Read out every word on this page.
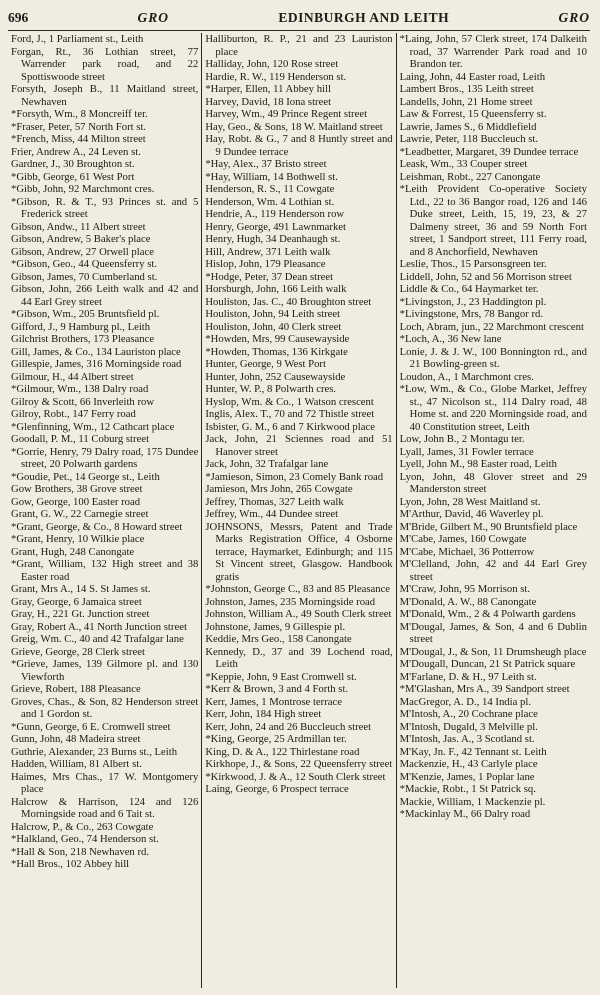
696	GRO	EDINBURGH AND LEITH	GRO
Ford, J., 1 Parliament st., Leith
Forgan, Rt., 36 Lothian street, 77 Warrender park road, and 22 Spottiswoode street
Forsyth, Joseph B., 11 Maitland street, Newhaven
*Forsyth, Wm., 8 Moncreiff ter.
*Fraser, Peter, 57 North Fort st.
*French, Miss, 44 Milton street
Frier, Andrew A., 24 Leven st.
Gardner, J., 30 Broughton st.
*Gibb, George, 61 West Port
*Gibb, John, 92 Marchmont cres.
*Gibson, R. & T., 93 Princes st. and 5 Frederick street
Gibson, Andw., 11 Albert street
Gibson, Andrew, 5 Baker's place
Gibson, Andrew, 27 Orwell place
*Gibson, Geo., 44 Queensferry st.
Gibson, James, 70 Cumberland st.
Gibson, John, 266 Leith walk and 42 and 44 Earl Grey street
*Gibson, Wm., 205 Bruntsfield pl.
Gifford, J., 9 Hamburg pl., Leith
Gilchrist Brothers, 173 Pleasance
Gill, James, & Co., 134 Lauriston place
Gillespie, James, 316 Morningside road
Gilmour, H., 44 Albert street
*Gilmour, Wm., 138 Dalry road
Gilroy & Scott, 66 Inverleith row
Gilroy, Robt., 147 Ferry road
*Glenfinning, Wm., 12 Cathcart place
Goodall, P. M., 11 Coburg street
*Gorrie, Henry, 79 Dalry road, 175 Dundee street, 20 Polwarth gardens
*Goudie, Pet., 14 George st., Leith
Gow Brothers, 38 Grove street
Gow, George, 100 Easter road
Grant, G. W., 22 Carnegie street
*Grant, George, & Co., 8 Howard street
*Grant, Henry, 10 Wilkie place
Grant, Hugh, 248 Canongate
*Grant, William, 132 High street and 38 Easter road
Grant, Mrs A., 14 S. St James st.
Gray, George, 6 Jamaica street
Gray, H., 221 Gt. Junction street
Gray, Robert A., 41 North Junction street
Greig, Wm. C., 40 and 42 Trafalgar lane
Grieve, George, 28 Clerk street
*Grieve, James, 139 Gilmore pl. and 130 Viewforth
Grieve, Robert, 188 Pleasance
Groves, Chas., & Son, 82 Henderson street and 1 Gordon st.
*Gunn, George, 6 E. Cromwell street
Gunn, John, 48 Madeira street
Guthrie, Alexander, 23 Burns st., Leith
Hadden, William, 81 Albert st.
Haimes, Mrs Chas., 17 W. Montgomery place
Halcrow & Harrison, 124 and 126 Morningside road and 6 Tait st.
Halcrow, P., & Co., 263 Cowgate
*Halkland, Geo., 74 Henderson st.
*Hall & Son, 218 Newhaven rd.
*Hall Bros., 102 Abbey hill
Halliburton, R. P., 21 and 23 Lauriston place
Halliday, John, 120 Rose street
Hardie, R. W., 119 Henderson st.
*Harper, Ellen, 11 Abbey hill
Harvey, David, 18 Iona street
Harvey, Wm., 49 Prince Regent street
Hay, Geo., & Sons, 18 W. Maitland street
Hay, Robt. & G., 7 and 8 Huntly street and 9 Dundee terrace
*Hay, Alex., 37 Bristo street
*Hay, William, 14 Bothwell st.
Henderson, R. S., 11 Cowgate
Henderson, Wm. 4 Lothian st.
Hendrie, A., 119 Henderson row
Henry, George, 491 Lawnmarket
Henry, Hugh, 34 Deanhaugh st.
Hill, Andrew, 371 Leith walk
Hislop, John, 179 Pleasance
*Hodge, Peter, 37 Dean street
Horsburgh, John, 166 Leith walk
Houliston, Jas. C., 40 Broughton street
Houliston, John, 94 Leith street
Houliston, John, 40 Clerk street
*Howden, Mrs, 99 Causewayside
*Howden, Thomas, 136 Kirkgate
Hunter, George, 9 West Port
Hunter, John, 252 Causewayside
Hunter, W. P., 8 Polwarth cres.
Hyslop, Wm. & Co., 1 Watson crescent
Inglis, Alex. T., 70 and 72 Thistle street
Isbister, G. M., 6 and 7 Kirkwood place
Jack, John, 21 Sciennes road and 51 Hanover street
Jack, John, 32 Trafalgar lane
*Jamieson, Simon, 23 Comely Bank road
Jamieson, Mrs John, 265 Cowgate
Jeffrey, Thomas, 327 Leith walk
Jeffrey, Wm., 44 Dundee street
JOHNSONS, Messrs, Patent and Trade Marks Registration Office, 4 Osborne terrace, Haymarket, Edinburgh; and 115 St Vincent street, Glasgow. Handbook gratis
*Johnston, George C., 83 and 85 Pleasance
Johnston, James, 235 Morningside road
Johnston, William A., 49 South Clerk street
Johnstone, James, 9 Gillespie pl.
Keddie, Mrs Geo., 158 Canongate
Kennedy, D., 37 and 39 Lochend road, Leith
*Keppie, John, 9 East Cromwell st.
*Kerr & Brown, 3 and 4 Forth st.
Kerr, James, 1 Montrose terrace
Kerr, John, 184 High street
Kerr, John, 24 and 26 Buccleuch street
*King, George, 25 Ardmillan ter.
King, D. & A., 122 Thirlestane road
Kirkhope, J., & Sons, 22 Queensferry street
*Kirkwood, J. & A., 12 South Clerk street
Laing, George, 6 Prospect terrace
*Laing, John, 57 Clerk street, 174 Dalkeith road, 37 Warrender Park road and 10 Brandon ter.
Laing, John, 44 Easter road, Leith
Lambert Bros., 135 Leith street
Landells, John, 21 Home street
Law & Forrest, 15 Queensferry st.
Lawrie, James S., 6 Middlefield
Lawrie, Peter, 118 Buccleuch st.
*Leadbetter, Margaret, 39 Dundee terrace
Leask, Wm., 33 Couper street
Leishman, Robt., 227 Canongate
*Leith Provident Co-operative Society Ltd., 22 to 36 Bangor road, 126 and 146 Duke street, Leith, 15, 19, 23, & 27 Dalmeny street, 36 and 59 North Fort street, 1 Sandport street, 111 Ferry road, and 8 Anchorfield, Newhaven
Leslie, Thos., 15 Parsonsgreen ter.
Liddell, John, 52 and 56 Morrison street
Liddle & Co., 64 Haymarket ter.
*Livingston, J., 23 Haddington pl.
*Livingstone, Mrs, 78 Bangor rd.
Loch, Abram, jun., 22 Marchmont crescent
*Loch, A., 36 New lane
Lonie, J. & J. W., 100 Bonnington rd., and 21 Bowling-green st.
Loudon, A., 1 Marchmont cres.
*Low, Wm., & Co., Globe Market, Jeffrey st., 47 Nicolson st., 114 Dalry road, 48 Home st. and 220 Morningside road, and 40 Constitution street, Leith
Low, John B., 2 Montagu ter.
Lyall, James, 31 Fowler terrace
Lyell, John M., 98 Easter road, Leith
Lyon, John, 48 Glover street and 29 Manderston street
Lyon, John, 28 West Maitland st.
M'Arthur, David, 46 Waverley pl.
M'Bride, Gilbert M., 90 Bruntsfield place
M'Cabe, James, 160 Cowgate
M'Cabe, Michael, 36 Potterrow
M'Clelland, John, 42 and 44 Earl Grey street
M'Craw, John, 95 Morrison st.
M'Donald, A. W., 88 Canongate
M'Donald, Wm., 2 & 4 Polwarth gardens
M'Dougal, James, & Son, 4 and 6 Dublin street
M'Dougal, J., & Son, 11 Drumsheugh place
M'Dougall, Duncan, 21 St Patrick square
M'Farlane, D. & H., 97 Leith st.
*M'Glashan, Mrs A., 39 Sandport street
MacGregor, A. D., 14 India pl.
M'Intosh, A., 20 Cochrane place
M'Intosh, Dugald, 3 Melville pl.
M'Intosh, Jas. A., 3 Scotland st.
M'Kay, Jn. F., 42 Tennant st. Leith
Mackenzie, H., 43 Carlyle place
M'Kenzie, James, 1 Poplar lane
*Mackie, Robt., 1 St Patrick sq.
Mackie, William, 1 Mackenzie pl.
*Mackinlay M., 66 Dalry road
